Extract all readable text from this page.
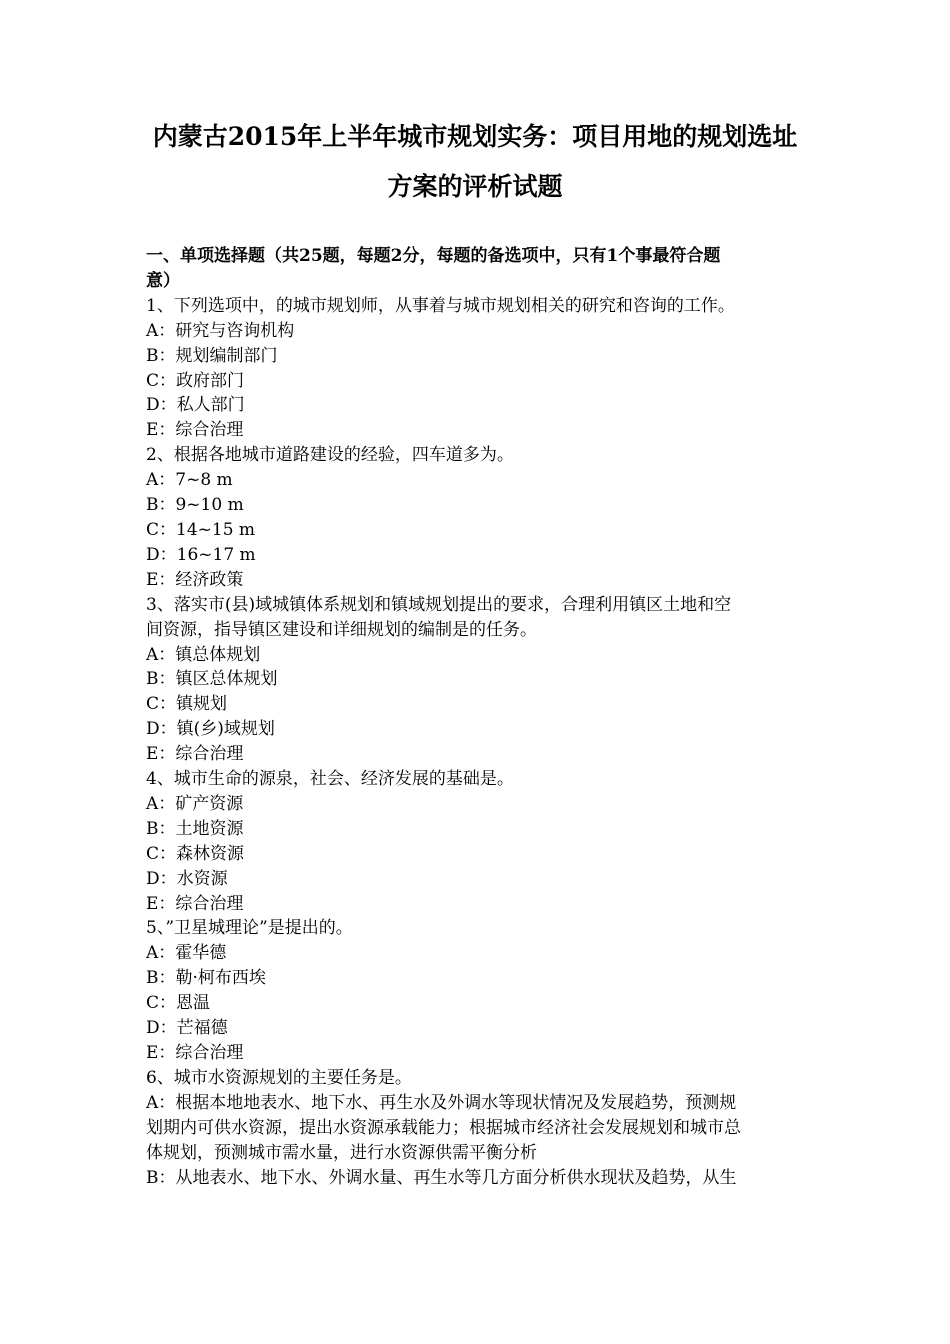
内蒙古2015年上半年城市规划实务：项目用地的规划选址
方案的评析试题
一、单项选择题（共25题，每题2分，每题的备选项中，只有1个事最符合题
意）
1、下列选项中，的城市规划师，从事着与城市规划相关的研究和咨询的工作。
A：研究与咨询机构
B：规划编制部门
C：政府部门
D：私人部门
E：综合治理
2、根据各地城市道路建设的经验，四车道多为。
A：7~8 m
B：9~10 m
C：14~15 m
D：16~17 m
E：经济政策
3、落实市(县)域城镇体系规划和镇域规划提出的要求，合理利用镇区土地和空
间资源，指导镇区建设和详细规划的编制是的任务。
A：镇总体规划
B：镇区总体规划
C：镇规划
D：镇(乡)域规划
E：综合治理
4、城市生命的源泉，社会、经济发展的基础是。
A：矿产资源
B：土地资源
C：森林资源
D：水资源
E：综合治理
5、”卫星城理论”是提出的。
A：霍华德
B：勒·柯布西埃
C：恩温
D：芒福德
E：综合治理
6、城市水资源规划的主要任务是。
A：根据本地地表水、地下水、再生水及外调水等现状情况及发展趋势，预测规
划期内可供水资源，提出水资源承载能力；根据城市经济社会发展规划和城市总
体规划，预测城市需水量，进行水资源供需平衡分析
B：从地表水、地下水、外调水量、再生水等几方面分析供水现状及趋势，从生
